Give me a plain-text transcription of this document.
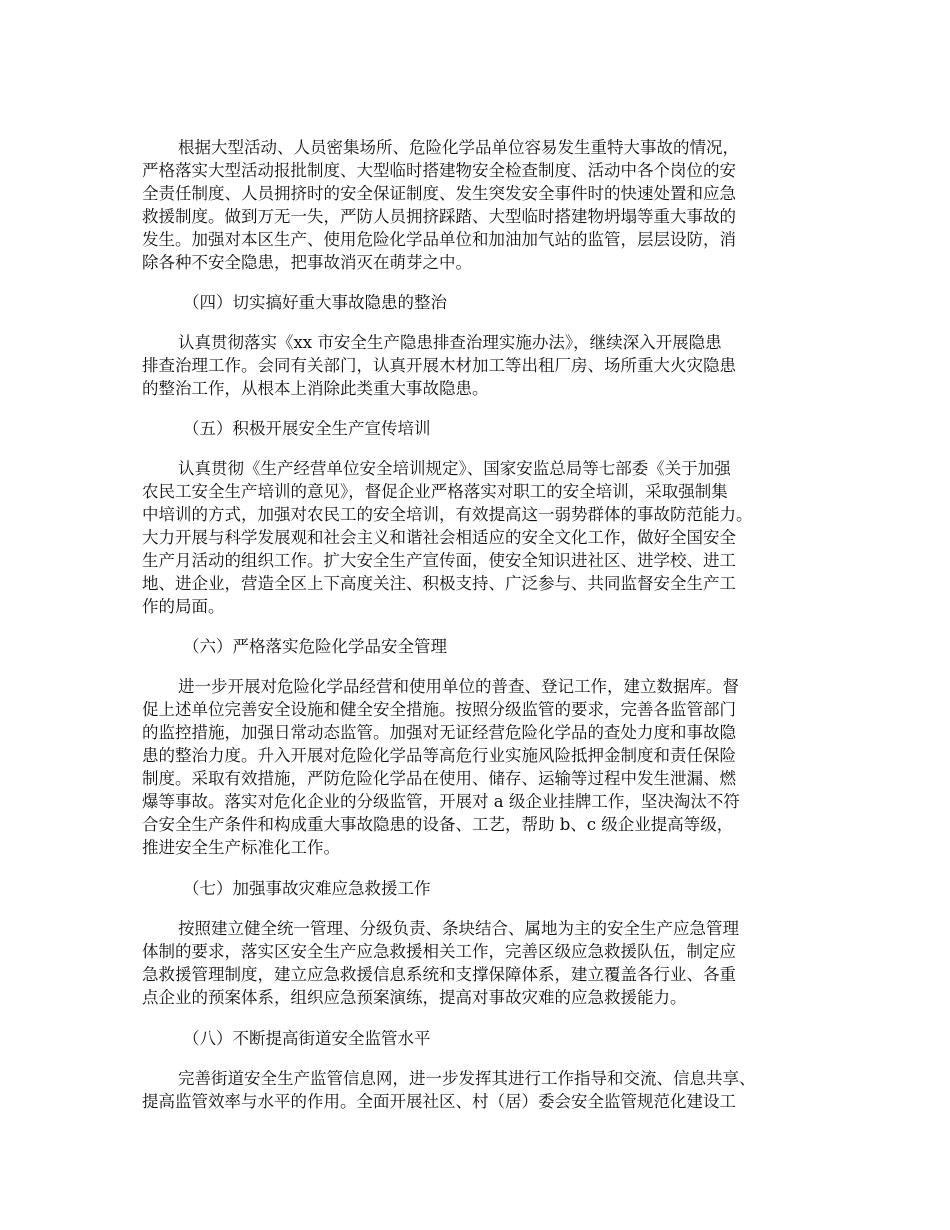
根据大型活动、人员密集场所、危险化学品单位容易发生重特大事故的情况，
严格落实大型活动报批制度、大型临时搭建物安全检查制度、活动中各个岗位的安
全责任制度、人员拥挤时的安全保证制度、发生突发安全事件时的快速处置和应急
救援制度。做到万无一失，严防人员拥挤踩踏、大型临时搭建物坍塌等重大事故的
发生。加强对本区生产、使用危险化学品单位和加油加气站的监管，层层设防，消
除各种不安全隐患，把事故消灭在萌芽之中。
（四）切实搞好重大事故隐患的整治
认真贯彻落实《xx 市安全生产隐患排查治理实施办法》，继续深入开展隐患
排查治理工作。会同有关部门，认真开展木材加工等出租厂房、场所重大火灾隐患
的整治工作，从根本上消除此类重大事故隐患。
（五）积极开展安全生产宣传培训
认真贯彻《生产经营单位安全培训规定》、国家安监总局等七部委《关于加强
农民工安全生产培训的意见》，督促企业严格落实对职工的安全培训，采取强制集
中培训的方式，加强对农民工的安全培训，有效提高这一弱势群体的事故防范能力。
大力开展与科学发展观和社会主义和谐社会相适应的安全文化工作，做好全国安全
生产月活动的组织工作。扩大安全生产宣传面，使安全知识进社区、进学校、进工
地、进企业，营造全区上下高度关注、积极支持、广泛参与、共同监督安全生产工
作的局面。
（六）严格落实危险化学品安全管理
进一步开展对危险化学品经营和使用单位的普查、登记工作，建立数据库。督
促上述单位完善安全设施和健全安全措施。按照分级监管的要求，完善各监管部门
的监控措施，加强日常动态监管。加强对无证经营危险化学品的查处力度和事故隐
患的整治力度。升入开展对危险化学品等高危行业实施风险抵押金制度和责任保险
制度。采取有效措施，严防危险化学品在使用、储存、运输等过程中发生泄漏、燃
爆等事故。落实对危化企业的分级监管，开展对 a 级企业挂牌工作，坚决淘汰不符
合安全生产条件和构成重大事故隐患的设备、工艺，帮助 b、c 级企业提高等级，
推进安全生产标准化工作。
（七）加强事故灾难应急救援工作
按照建立健全统一管理、分级负责、条块结合、属地为主的安全生产应急管理
体制的要求，落实区安全生产应急救援相关工作，完善区级应急救援队伍，制定应
急救援管理制度，建立应急救援信息系统和支撑保障体系，建立覆盖各行业、各重
点企业的预案体系，组织应急预案演练，提高对事故灾难的应急救援能力。
（八）不断提高街道安全监管水平
完善街道安全生产监管信息网，进一步发挥其进行工作指导和交流、信息共享、
提高监管效率与水平的作用。全面开展社区、村（居）委会安全监管规范化建设工
